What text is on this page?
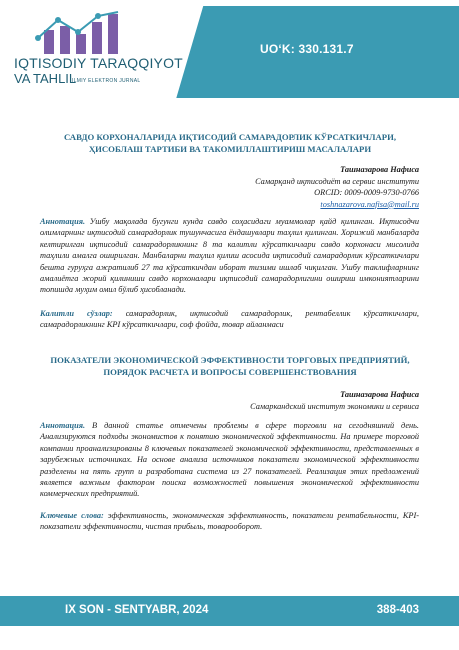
IQTISODIY TARAQQIYOT
VA TAHLIL
ILMIY ELEKTRON JURNAL
UO‘K: 330.131.7
САВДО КОРХОНАЛАРИДА ИҚТИСОДИЙ САМАРАДОРЛИК КЎРСАТКИЧЛАРИ, ҲИСОБЛАШ ТАРТИБИ ВА ТАКОМИЛЛАШТИРИШ МАСАЛАЛАРИ
Ташназарова Нафиса
Самарқанд иқтисодиёт ва сервис институти
ORCID: 0009-0009-9730-0766
toshnazarova.nafisa@mail.ru
Аннотация. Ушбу мақолада бугунги кунда савдо соҳасидаги муаммолар қайд қилинган. Иқтисодчи олимларнинг иқтисодий самарадорлик тушунчасига ёндашувлари таҳлил қилинган. Хорижий манбаларда келтирилган иқтисодий самарадорликнинг 8 та калитли кўрсаткичлари савдо корхонаси мисолида таҳлили амалга оширилган. Манбаларни таҳлил қилиш асосида иқтисодий самарадорлик кўрсаткичлари бешта гуруҳга ажратилиб 27 та кўрсаткичдан иборат тизими ишлаб чиқилган. Ушбу таклифларнинг амалиётга жорий қилиниши савдо корхоналари иқтисодий самарадорлигини ошириш имкониятларини топишда муҳим омил бўлиб ҳисобланади.
Калитли сўзлар: самарадорлик, иқтисодий самарадорлик, рентабеллик кўрсаткичлари, самарадорликнинг KPI кўрсаткичлари, соф фойда, товар айланмаси
ПОКАЗАТЕЛИ ЭКОНОМИЧЕСКОЙ ЭФФЕКТИВНОСТИ ТОРГОВЫХ ПРЕДПРИЯТИЙ, ПОРЯДОК РАСЧЕТА И ВОПРОСЫ СОВЕРШЕНСТВОВАНИЯ
Ташназарова Нафиса
Самаркандский институт экономики и сервиса
Аннотация. В данной статье отмечены проблемы в сфере торговли на сегодняшний день. Анализируются подходы экономистов к понятию экономической эффективности. На примере торговой компании проанализированы 8 ключевых показателей экономической эффективности, представленных в зарубежных источниках. На основе анализа источников показатели экономической эффективности разделены на пять групп и разработана система из 27 показателей. Реализация этих предложений является важным фактором поиска возможностей повышения экономической эффективности коммерческих предприятий.
Ключевые слова: эффективность, экономическая эффективность, показатели рентабельности, KPI-показатели эффективности, чистая прибыль, товарооборот.
IX SON - SENTYABR, 2024	388-403
